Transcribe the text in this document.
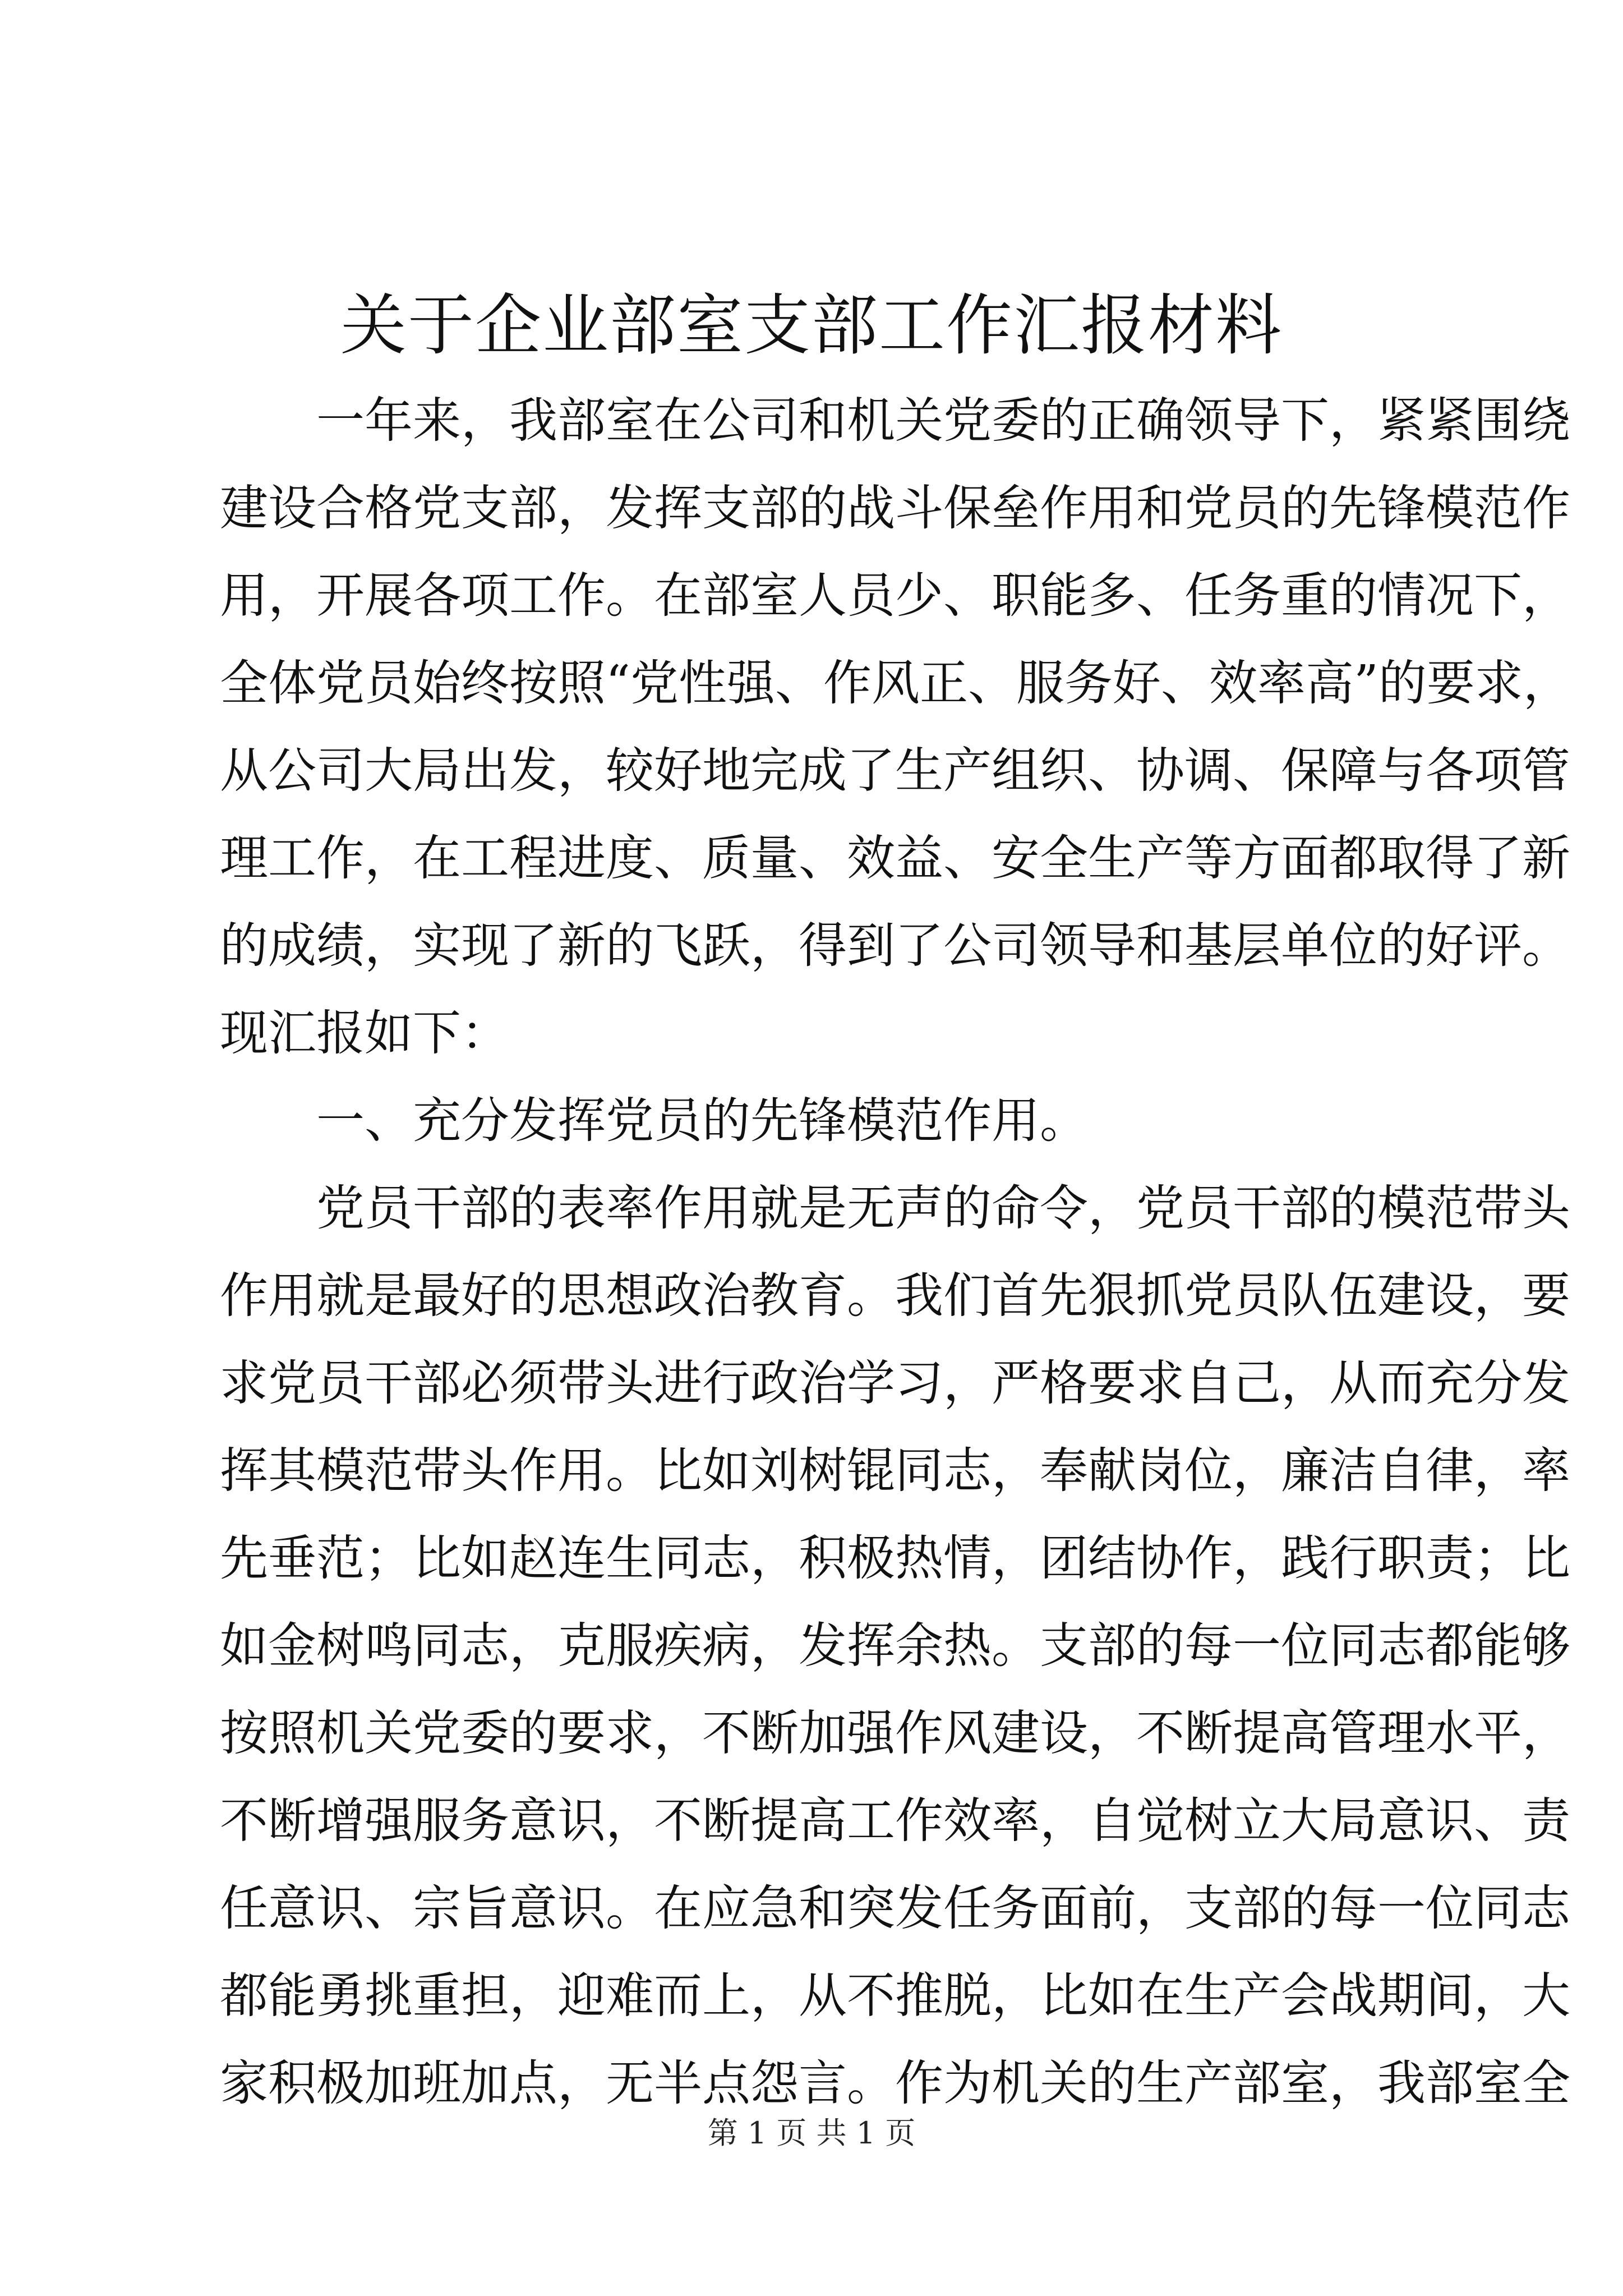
关于企业部室支部工作汇报材料
一年来，我部室在公司和机关党委的正确领导下，紧紧围绕
建设合格党支部，发挥支部的战斗保垒作用和党员的先锋模范作
用，开展各项工作。在部室人员少、职能多、任务重的情况下，
全体党员始终按照“党性强、作风正、服务好、效率高”的要求，
从公司大局出发，较好地完成了生产组织、协调、保障与各项管
理工作，在工程进度、质量、效益、安全生产等方面都取得了新
的成绩，实现了新的飞跃，得到了公司领导和基层单位的好评。
现汇报如下：
一、充分发挥党员的先锋模范作用。
党员干部的表率作用就是无声的命令，党员干部的模范带头
作用就是最好的思想政治教育。我们首先狠抓党员队伍建设，要
求党员干部必须带头进行政治学习，严格要求自己，从而充分发
挥其模范带头作用。比如刘树锟同志，奉献岗位，廉洁自律，率
先垂范；比如赵连生同志，积极热情，团结协作，践行职责；比
如金树鸣同志，克服疾病，发挥余热。支部的每一位同志都能够
按照机关党委的要求，不断加强作风建设，不断提高管理水平，
不断增强服务意识，不断提高工作效率，自觉树立大局意识、责
任意识、宗旨意识。在应急和突发任务面前，支部的每一位同志
都能勇挑重担，迎难而上，从不推脱，比如在生产会战期间，大
家积极加班加点，无半点怨言。作为机关的生产部室，我部室全
第 1 页 共 1 页
